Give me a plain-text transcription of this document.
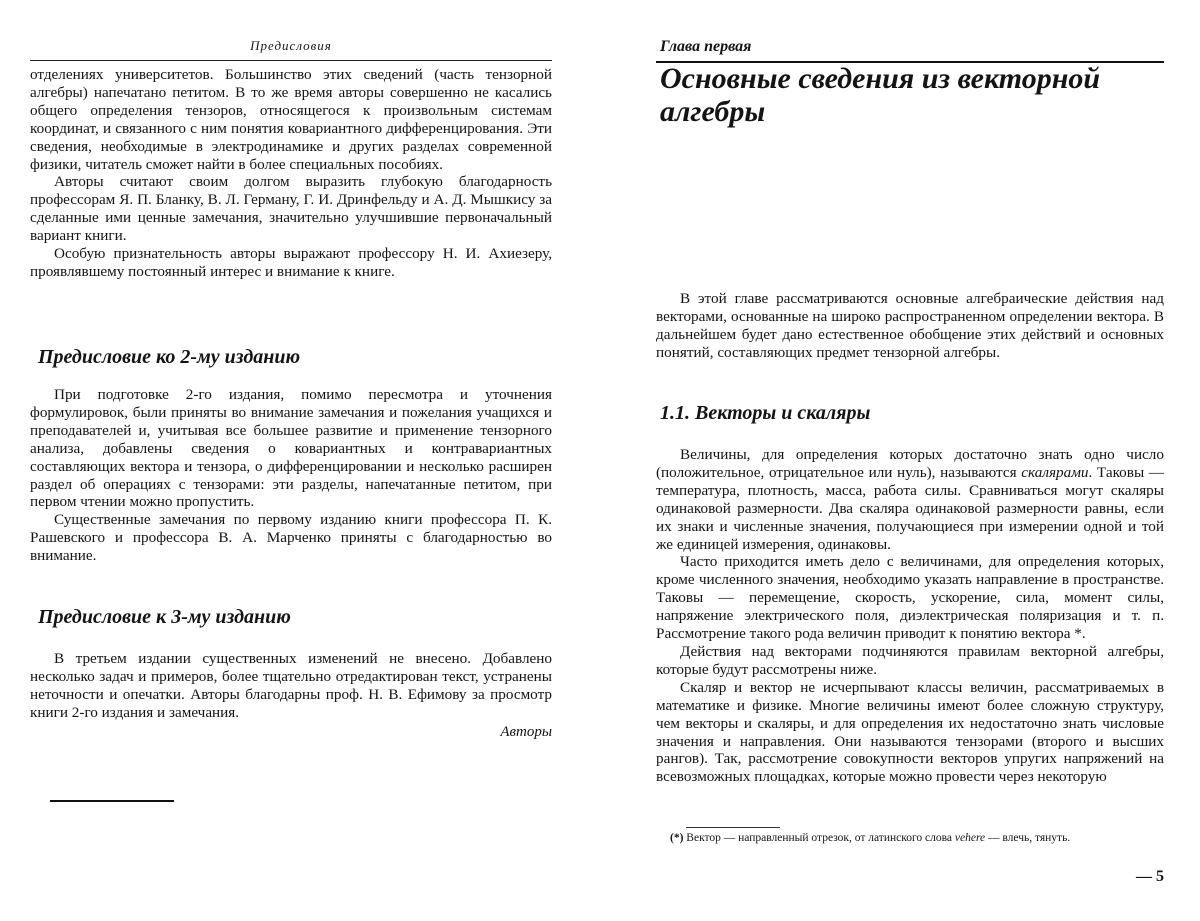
Предисловия

отделениях университетов. Большинство этих сведений (часть тензорной алгебры) напечатано петитом. В то же время авторы совершенно не касались общего определения тензоров, относящегося к произвольным системам координат, и связанного с ним понятия ковариантного дифференцирования. Эти сведения, необходимые в электродинамике и других разделах современной физики, читатель сможет найти в более специальных пособиях.

Авторы считают своим долгом выразить глубокую благодарность профессорам Я. П. Бланку, В. Л. Герману, Г. И. Дринфельду и А. Д. Мышкису за сделанные ими ценные замечания, значительно улучшившие первоначальный вариант книги.

Особую признательность авторы выражают профессору Н. И. Ахиезеру, проявлявшему постоянный интерес и внимание к книге.

Предисловие ко 2-му изданию

При подготовке 2-го издания, помимо пересмотра и уточнения формулировок, были приняты во внимание замечания и пожелания учащихся и преподавателей и, учитывая все большее развитие и применение тензорного анализа, добавлены сведения о ковариантных и контравариантных составляющих вектора и тензора, о дифференцировании и несколько расширен раздел об операциях с тензорами: эти разделы, напечатанные петитом, при первом чтении можно пропустить.

Существенные замечания по первому изданию книги профессора П. К. Рашевского и профессора В. А. Марченко приняты с благодарностью во внимание.

Предисловие к 3-му изданию

В третьем издании существенных изменений не внесено. Добавлено несколько задач и примеров, более тщательно отредактирован текст, устранены неточности и опечатки. Авторы благодарны проф. Н. В. Ефимову за просмотр книги 2-го издания и замечания.

Авторы
Глава первая
Основные сведения из векторной алгебры

В этой главе рассматриваются основные алгебраические действия над векторами, основанные на широко распространенном определении вектора. В дальнейшем будет дано естественное обобщение этих действий и основных понятий, составляющих предмет тензорной алгебры.

1.1. Векторы и скаляры

Величины, для определения которых достаточно знать одно число (положительное, отрицательное или нуль), называются скалярами. Таковы — температура, плотность, масса, работа силы. Сравниваться могут скаляры одинаковой размерности. Два скаляра одинаковой размерности равны, если их знаки и численные значения, получающиеся при измерении одной и той же единицей измерения, одинаковы.

Часто приходится иметь дело с величинами, для определения которых, кроме численного значения, необходимо указать направление в пространстве. Таковы — перемещение, скорость, ускорение, сила, момент силы, напряжение электрического поля, диэлектрическая поляризация и т. п. Рассмотрение такого рода величин приводит к понятию вектора *.

Действия над векторами подчиняются правилам векторной алгебры, которые будут рассмотрены ниже.

Скаляр и вектор не исчерпывают классы величин, рассматриваемых в математике и физике. Многие величины имеют более сложную структуру, чем векторы и скаляры, и для определения их недостаточно знать числовые значения и направления. Они называются тензорами (второго и высших рангов). Так, рассмотрение совокупности векторов упругих напряжений на всевозможных площадках, которые можно провести через некоторую

(*) Вектор — направленный отрезок, от латинского слова vehere — влечь, тянуть.
— 5
